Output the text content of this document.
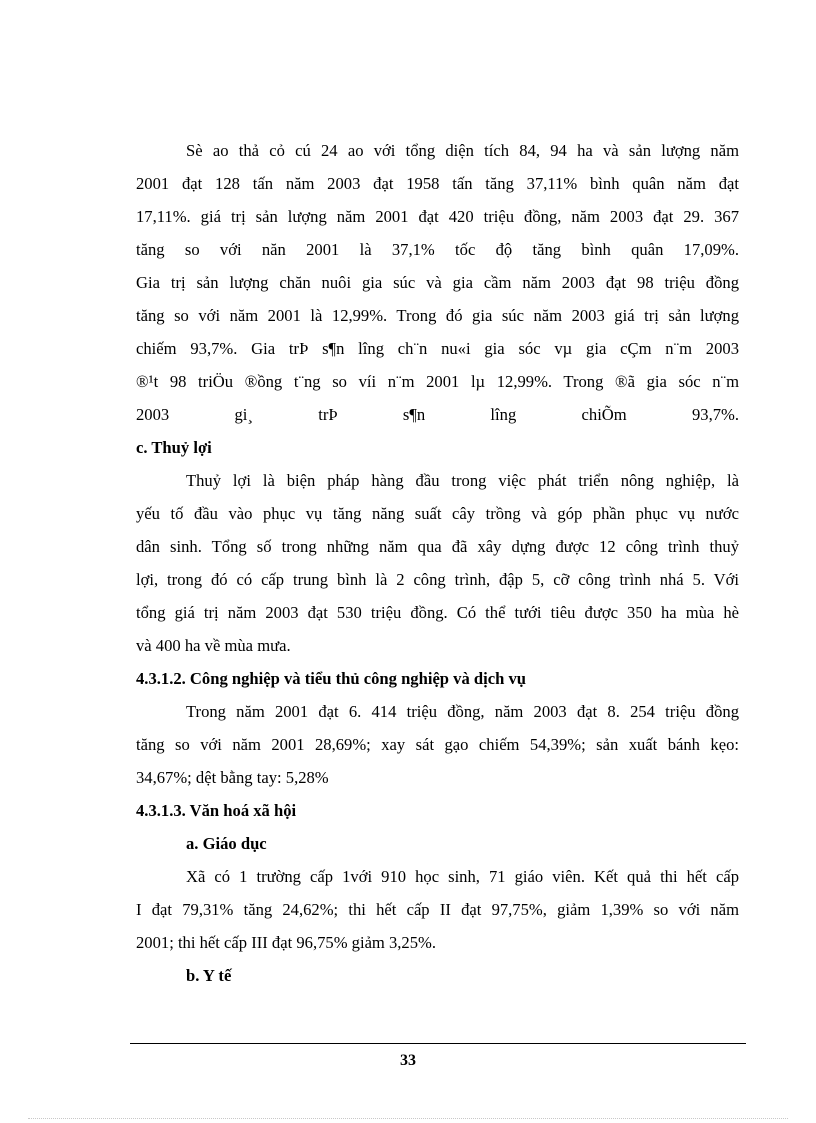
Sè ao thả cỏ cú 24 ao với tổng diện tích 84, 94 ha và sản lượng năm
2001 đạt 128 tấn năm 2003 đạt 1958 tấn tăng 37,11% bình quân năm đạt
17,11%. giá trị sản lượng năm 2001 đạt 420 triệu đồng, năm 2003 đạt 29. 367
tăng so với năn 2001 là 37,1% tốc độ tăng bình quân 17,09%.
Gia trị sản lượng chăn nuôi gia súc và gia cầm năm 2003 đạt 98 triệu đồng
tăng so với năm 2001 là 12,99%. Trong đó gia súc năm 2003 giá trị sản lượng
chiếm 93,7%. Gia trÞ s¶n lîng ch¨n nu«i gia sóc vµ gia cÇm n¨m 2003
®¹t 98 triÖu ®ồng t¨ng so víi n¨m 2001 lµ 12,99%. Trong ®ã gia sóc n¨m
2003 gi¸ trÞ s¶n lîng chiÕm 93,7%.
c. Thuỷ lợi
Thuỷ lợi là biện pháp hàng đầu trong việc phát triển nông nghiệp, là
yếu tố đầu vào phục vụ tăng năng suất cây trồng và góp phần phục vụ nước
dân sinh. Tổng số trong những năm qua đã xây dựng được 12 công trình thuỷ
lợi, trong đó có cấp trung bình là 2 công trình, đập 5, cỡ công trình nhá 5. Với
tổng giá trị năm 2003 đạt 530 triệu đồng. Có thể tưới tiêu được 350 ha mùa hè
và 400 ha về mùa mưa.
4.3.1.2. Công nghiệp và tiểu thủ công nghiệp và dịch vụ
Trong năm 2001 đạt 6. 414 triệu đồng, năm 2003 đạt 8. 254 triệu đồng
tăng so với năm 2001 28,69%; xay sát gạo chiếm 54,39%; sản xuất bánh kẹo:
34,67%; dệt bằng tay: 5,28%
4.3.1.3. Văn hoá xã hội
a. Giáo dục
Xã có 1 trường cấp 1với 910 học sinh, 71 giáo viên. Kết quả thi hết cấp
I đạt 79,31% tăng 24,62%; thi hết cấp II đạt 97,75%, giảm 1,39% so với năm
2001; thi hết cấp III đạt 96,75% giảm 3,25%.
b. Y tế
33
